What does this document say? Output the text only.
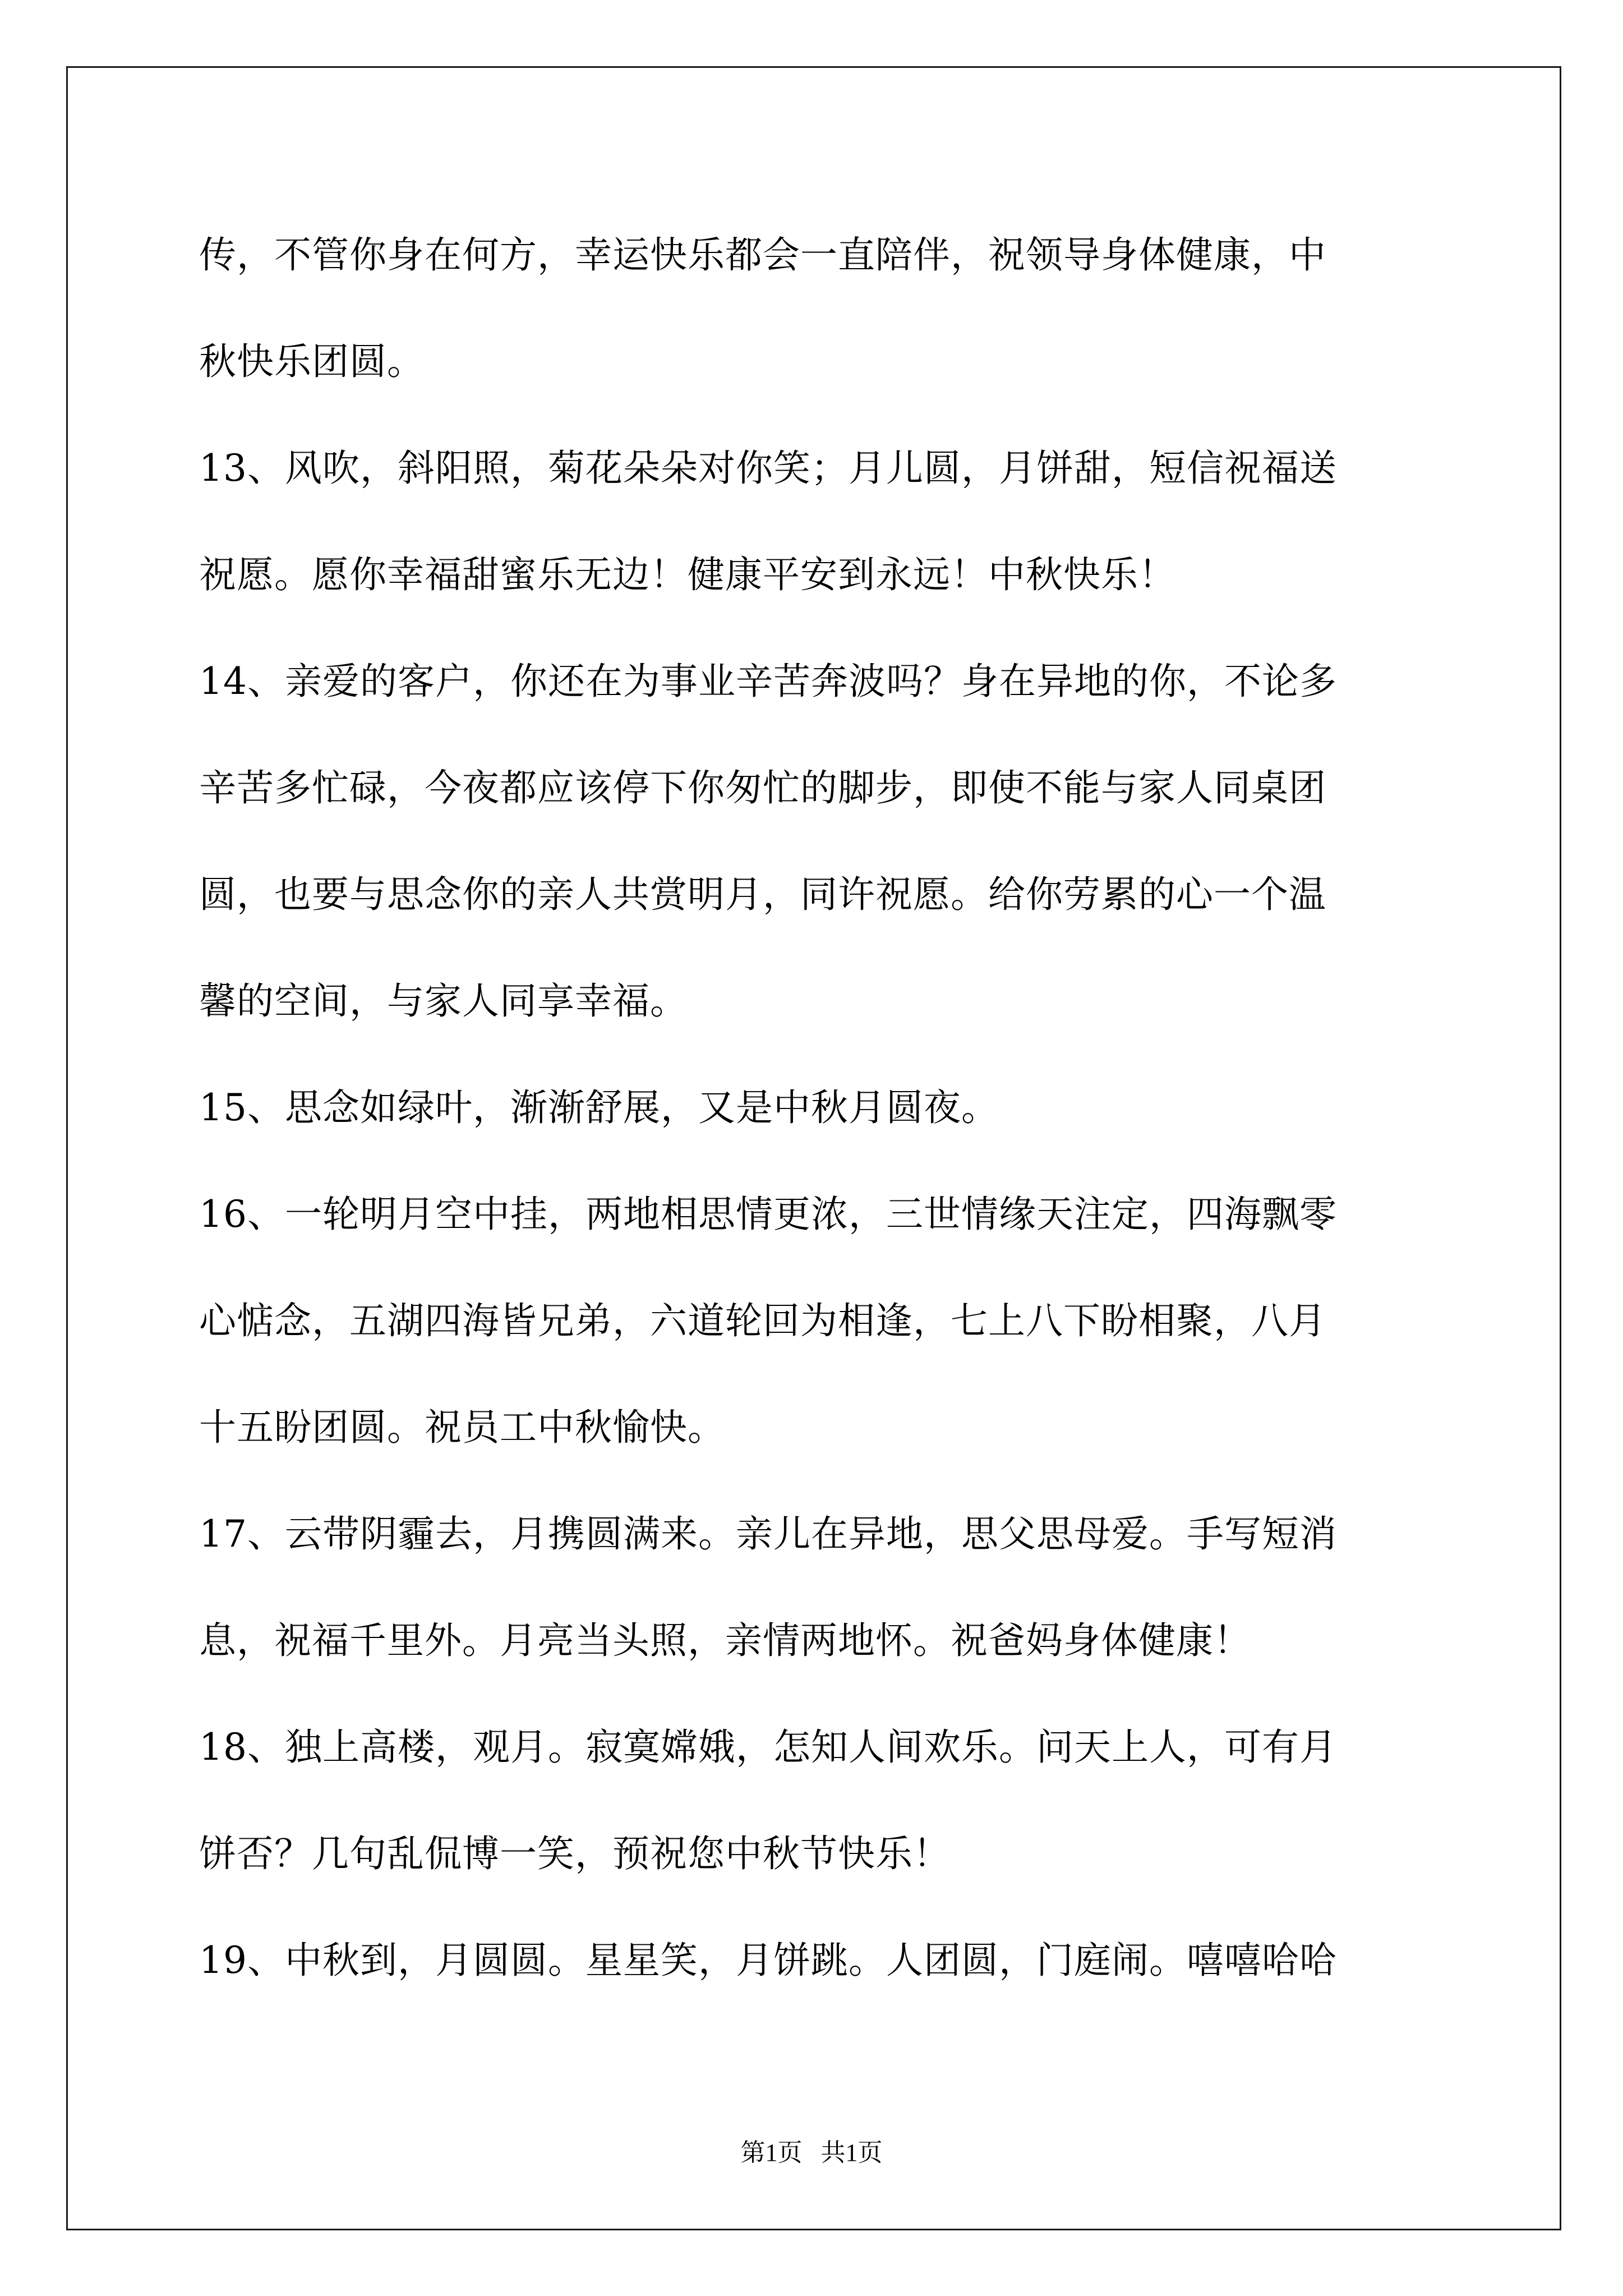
传，不管你身在何方，幸运快乐都会一直陪伴，祝领导身体健康，中
秋快乐团圆。
13、风吹，斜阳照，菊花朵朵对你笑；月儿圆，月饼甜，短信祝福送
祝愿。愿你幸福甜蜜乐无边！健康平安到永远！中秋快乐！
14、亲爱的客户，你还在为事业辛苦奔波吗？身在异地的你，不论多
辛苦多忙碌，今夜都应该停下你匆忙的脚步，即使不能与家人同桌团
圆，也要与思念你的亲人共赏明月，同许祝愿。给你劳累的心一个温
馨的空间，与家人同享幸福。
15、思念如绿叶，渐渐舒展，又是中秋月圆夜。
16、一轮明月空中挂，两地相思情更浓，三世情缘天注定，四海飘零
心惦念，五湖四海皆兄弟，六道轮回为相逢，七上八下盼相聚，八月
十五盼团圆。祝员工中秋愉快。
17、云带阴霾去，月携圆满来。亲儿在异地，思父思母爱。手写短消
息，祝福千里外。月亮当头照，亲情两地怀。祝爸妈身体健康！
18、独上高楼，观月。寂寞嫦娥，怎知人间欢乐。问天上人，可有月
饼否？几句乱侃博一笑，预祝您中秋节快乐！
19、中秋到，月圆圆。星星笑，月饼跳。人团圆，门庭闹。嘻嘻哈哈
第1页 共1页
